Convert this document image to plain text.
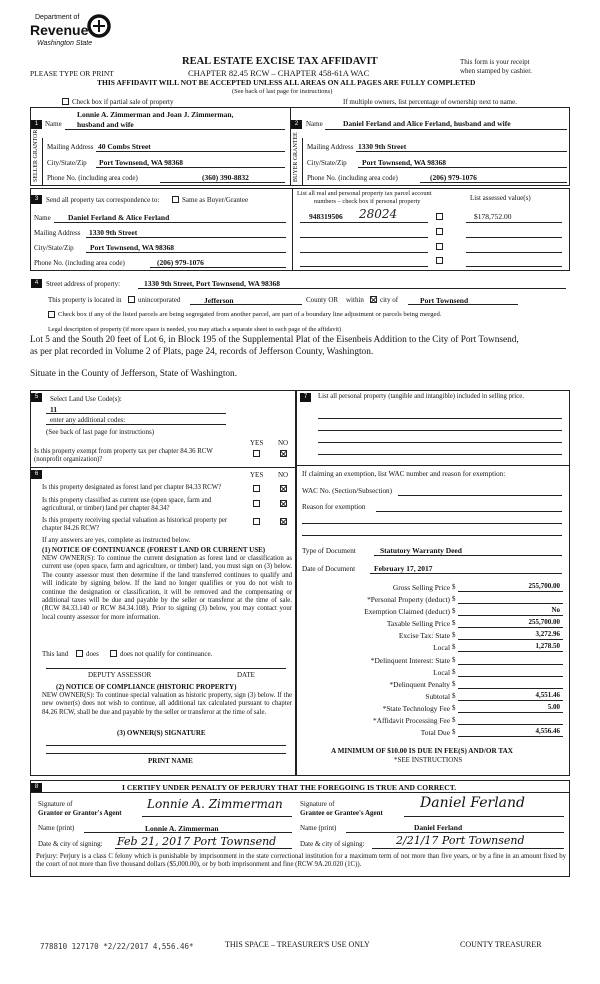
Department of
Revenue
Washington State
PLEASE TYPE OR PRINT
REAL ESTATE EXCISE TAX AFFIDAVIT
CHAPTER 82.45 RCW – CHAPTER 458-61A WAC
THIS AFFIDAVIT WILL NOT BE ACCEPTED UNLESS ALL AREAS ON ALL PAGES ARE FULLY COMPLETED
(See back of last page for instructions)
This form is your receipt
when stamped by cashier.
Check box if partial sale of property	If multiple owners, list percentage of ownership next to name.
1	2
SELLER GRANTOR	BUYER GRANTEE
Lonnie A. Zimmerman and Joan J. Zimmerman,
Name husband and wife
Mailing Address 40 Combs Street
City/State/Zip Port Townsend, WA 98368
Phone No. (including area code)	(360) 390-8832
Name	Daniel Ferland and Alice Ferland, husband and wife
Mailing Address 1330 9th Street
City/State/Zip Port Townsend, WA 98368
Phone No. (including area code)	(206) 979-1076
3	Send all property tax correspondence to:	Same as Buyer/Grantee
Name Daniel Ferland & Alice Ferland
Mailing Address 1330 9th Street
City/State/Zip Port Townsend, WA 98368
Phone No. (including area code)	(206) 979-1076
List all real and personal property tax parcel account
numbers – check box if personal property	List assessed value(s)
948319506 28024	$178,752.00
4	Street address of property:	1330 9th Street, Port Townsend, WA 98368
This property is located in unincorporated	Jefferson	County OR within city of	Port Townsend
Check box if any of the listed parcels are being segregated from another parcel, are part of a boundary line adjustment or parcels being merged.
Legal description of property (if more space is needed, you may attach a separate sheet to each page of the affidavit)
Lot 5 and the South 20 feet of Lot 6, in Block 195 of the Supplemental Plat of the Eisenbeis Addition to the City of Port Townsend,
as per plat recorded in Volume 2 of Plats, page 24, records of Jefferson County, Washington.
Situate in the County of Jefferson, State of Washington.
5	Select Land Use Code(s):
11
enter any additional codes:
(See back of last page for instructions)
YES NO
Is this property exempt from property tax per chapter 84.36 RCW (nonprofit organization)?
6	YES NO
Is this property designated as forest land per chapter 84.33 RCW?
Is this property classified as current use (open space, farm and agricultural, or timber) land per chapter 84.34?
Is this property receiving special valuation as historical property per chapter 84.26 RCW?
If any answers are yes, complete as instructed below.
(1) NOTICE OF CONTINUANCE (FOREST LAND OR CURRENT USE)
NEW OWNER(S): To continue the current designation as forest land or classification as current use (open space, farm and agriculture, or timber) land, you must sign on (3) below. The county assessor must then determine if the land transferred continues to qualify and will indicate by signing below. If the land no longer qualifies or you do not wish to continue the designation or classification, it will be removed and the compensating or additional taxes will be due and payable by the seller or transferor at the time of sale. (RCW 84.33.140 or RCW 84.34.108). Prior to signing (3) below, you may contact your local county assessor for more information.
This land	does	does not qualify for continuance.
DEPUTY ASSESSOR	DATE
(2) NOTICE OF COMPLIANCE (HISTORIC PROPERTY)
NEW OWNER(S): To continue special valuation as historic property, sign (3) below. If the new owner(s) does not wish to continue, all additional tax calculated pursuant to chapter 84.26 RCW, shall be due and payable by the seller or transferor at the time of sale.
(3) OWNER(S) SIGNATURE
PRINT NAME
7	List all personal property (tangible and intangible) included in selling price.
If claiming an exemption, list WAC number and reason for exemption:
WAC No. (Section/Subsection)
Reason for exemption
Type of Document	Statutory Warranty Deed
Date of Document	February 17, 2017
Gross Selling Price $	255,700.00
*Personal Property (deduct) $
Exemption Claimed (deduct) $	No
Taxable Selling Price $	255,700.00
Excise Tax: State $	3,272.96
Local $	1,278.50
*Delinquent Interest: State $
Local $
*Delinquent Penalty $
Subtotal $	4,551.46
*State Technology Fee $	5.00
*Affidavit Processing Fee $
Total Due $	4,556.46
A MINIMUM OF $10.00 IS DUE IN FEE(S) AND/OR TAX
*SEE INSTRUCTIONS
8	I CERTIFY UNDER PENALTY OF PERJURY THAT THE FOREGOING IS TRUE AND CORRECT.
Signature of
Grantor or Grantor's Agent
Lonnie A. Zimmerman Signature of
Grantee or Grantee's Agent
Daniel Ferland
Name (print)	Lonnie A. Zimmerman	Name (print)	Daniel Ferland
Date & city of signing: Feb 21, 2017 Port Townsend	Date & city of signing:	2/21/17 Port Townsend
Perjury: Perjury is a class C felony which is punishable by imprisonment in the state correctional institution for a maximum term of not more than five years, or by a fine in an amount fixed by the court of not more than five thousand dollars ($5,000.00), or by both imprisonment and fine (RCW 9A.20.020 (1C)).
778810 127170 *2/22/2017 4,556.46*	THIS SPACE – TREASURER'S USE ONLY	COUNTY TREASURER
